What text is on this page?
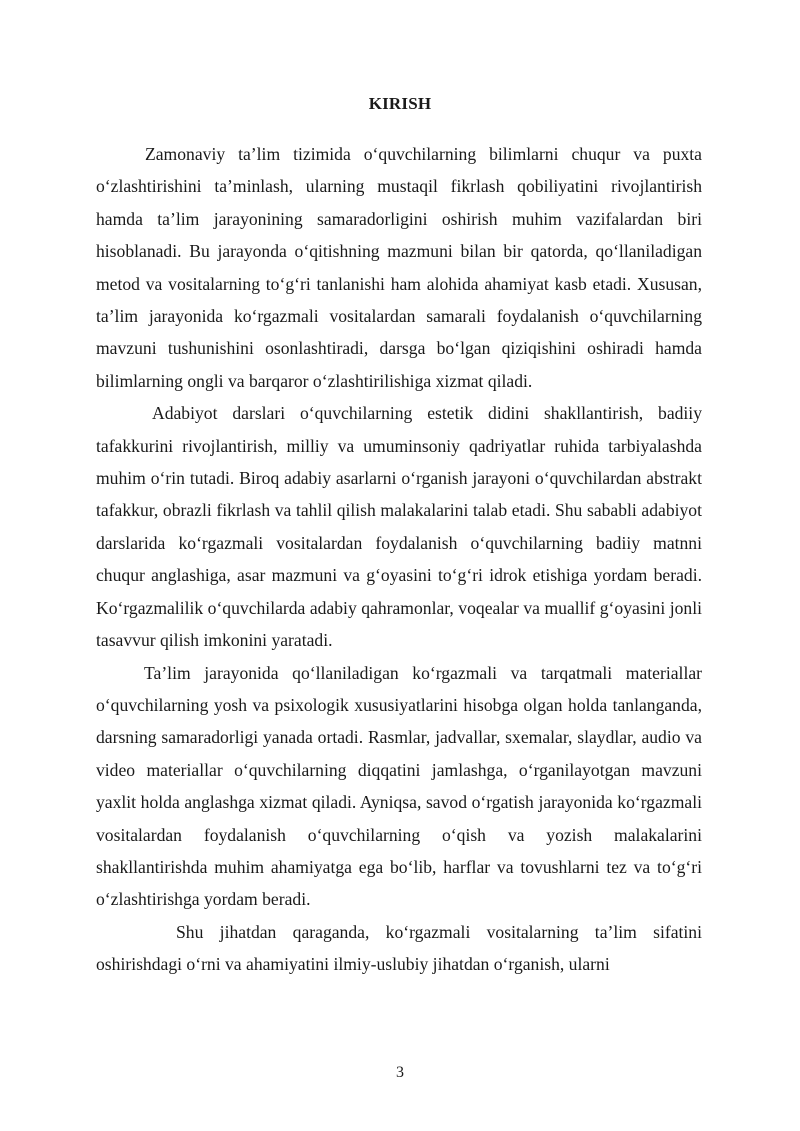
KIRISH

Zamonaviy ta’lim tizimida o‘quvchilarning bilimlarni chuqur va puxta o‘zlashtirishini ta’minlash, ularning mustaqil fikrlash qobiliyatini rivojlantirish hamda ta’lim jarayonining samaradorligini oshirish muhim vazifalardan biri hisoblanadi. Bu jarayonda o‘qitishning mazmuni bilan bir qatorda, qo‘llaniladigan metod va vositalarning to‘g‘ri tanlanishi ham alohida ahamiyat kasb etadi. Xususan, ta’lim jarayonida ko‘rgazmali vositalardan samarali foydalanish o‘quvchilarning mavzuni tushunishini osonlashtiradi, darsga bo‘lgan qiziqishini oshiradi hamda bilimlarning ongli va barqaror o‘zlashtirilishiga xizmat qiladi.

Adabiyot darslari o‘quvchilarning estetik didini shakllantirish, badiiy tafakkurini rivojlantirish, milliy va umuminsoniy qadriyatlar ruhida tarbiyalashda muhim o‘rin tutadi. Biroq adabiy asarlarni o‘rganish jarayoni o‘quvchilardan abstrakt tafakkur, obrazli fikrlash va tahlil qilish malakalarini talab etadi. Shu sababli adabiyot darslarida ko‘rgazmali vositalardan foydalanish o‘quvchilarning badiiy matnni chuqur anglashiga, asar mazmuni va g‘oyasini to‘g‘ri idrok etishiga yordam beradi. Ko‘rgazmalilik o‘quvchilarda adabiy qahramonlar, voqealar va muallif g‘oyasini jonli tasavvur qilish imkonini yaratadi.

Ta’lim jarayonida qo‘llaniladigan ko‘rgazmali va tarqatmali materiallar o‘quvchilarning yosh va psixologik xususiyatlarini hisobga olgan holda tanlanganda, darsning samaradorligi yanada ortadi. Rasmlar, jadvallar, sxemalar, slaydlar, audio va video materiallar o‘quvchilarning diqqatini jamlashga, o‘rganilayotgan mavzuni yaxlit holda anglashga xizmat qiladi. Ayniqsa, savod o‘rgatish jarayonida ko‘rgazmali vositalardan foydalanish o‘quvchilarning o‘qish va yozish malakalarini shakllantirishda muhim ahamiyatga ega bo‘lib, harflar va tovushlarni tez va to‘g‘ri o‘zlashtirishga yordam beradi.

Shu jihatdan qaraganda, ko‘rgazmali vositalarning ta’lim sifatini oshirishdagi o‘rni va ahamiyatini ilmiy-uslubiy jihatdan o‘rganish, ularni

3
